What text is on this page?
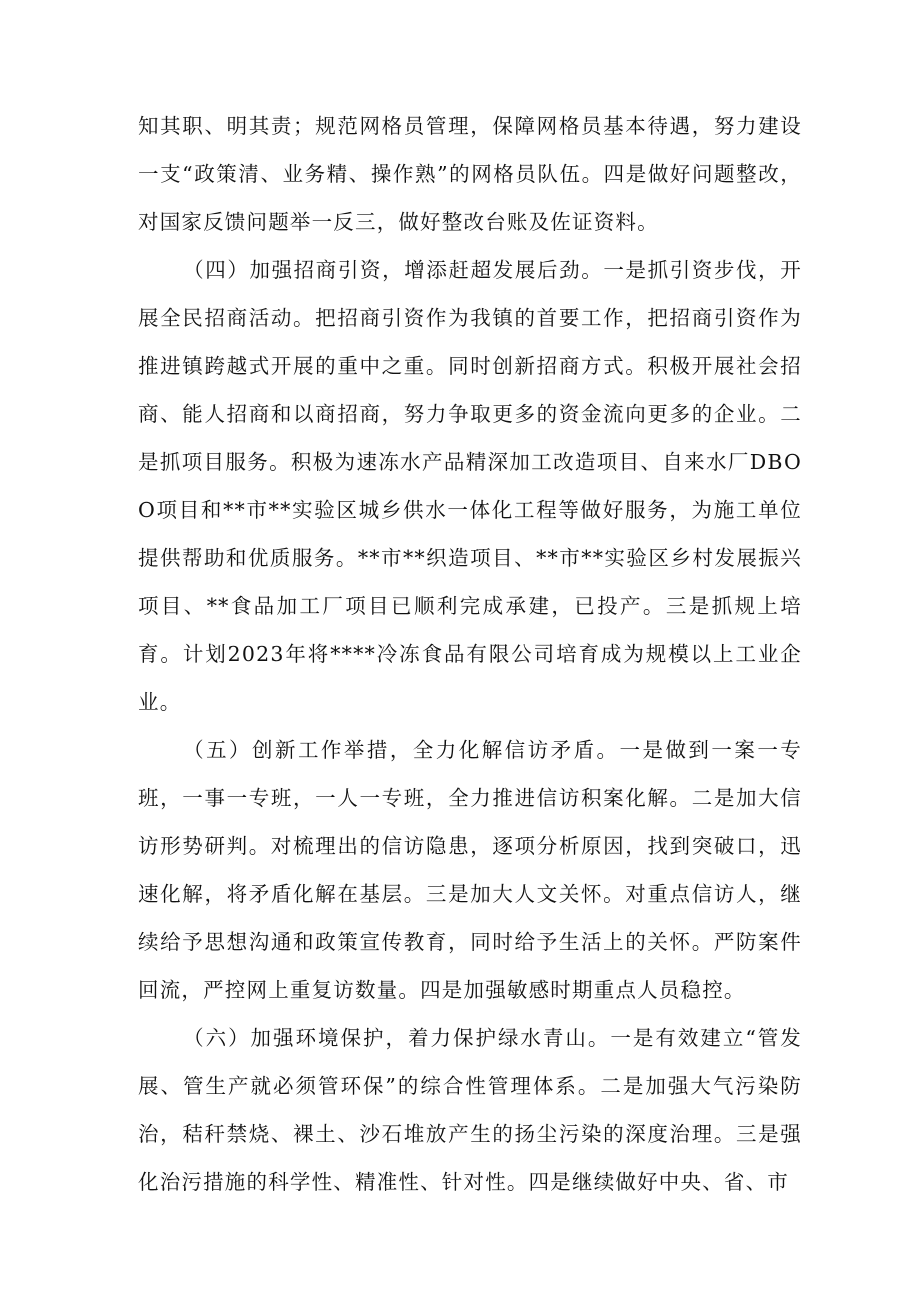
知其职、明其责；规范网格员管理，保障网格员基本待遇，努力建设一支“政策清、业务精、操作熟”的网格员队伍。四是做好问题整改，对国家反馈问题举一反三，做好整改台账及佐证资料。

（四）加强招商引资，增添赶超发展后劲。一是抓引资步伐，开展全民招商活动。把招商引资作为我镇的首要工作，把招商引资作为推进镇跨越式开展的重中之重。同时创新招商方式。积极开展社会招商、能人招商和以商招商，努力争取更多的资金流向更多的企业。二是抓项目服务。积极为速冻水产品精深加工改造项目、自来水厂DBOO项目和**市**实验区城乡供水一体化工程等做好服务，为施工单位提供帮助和优质服务。**市**织造项目、**市**实验区乡村发展振兴项目、**食品加工厂项目已顺利完成承建，已投产。三是抓规上培育。计划2023年将****冷冻食品有限公司培育成为规模以上工业企业。

（五）创新工作举措，全力化解信访矛盾。一是做到一案一专班，一事一专班，一人一专班，全力推进信访积案化解。二是加大信访形势研判。对梳理出的信访隐患，逐项分析原因，找到突破口，迅速化解，将矛盾化解在基层。三是加大人文关怀。对重点信访人，继续给予思想沟通和政策宣传教育，同时给予生活上的关怀。严防案件回流，严控网上重复访数量。四是加强敏感时期重点人员稳控。

（六）加强环境保护，着力保护绿水青山。一是有效建立“管发展、管生产就必须管环保”的综合性管理体系。二是加强大气污染防治，秸秆禁烧、裸土、沙石堆放产生的扬尘污染的深度治理。三是强化治污措施的科学性、精准性、针对性。四是继续做好中央、省、市
